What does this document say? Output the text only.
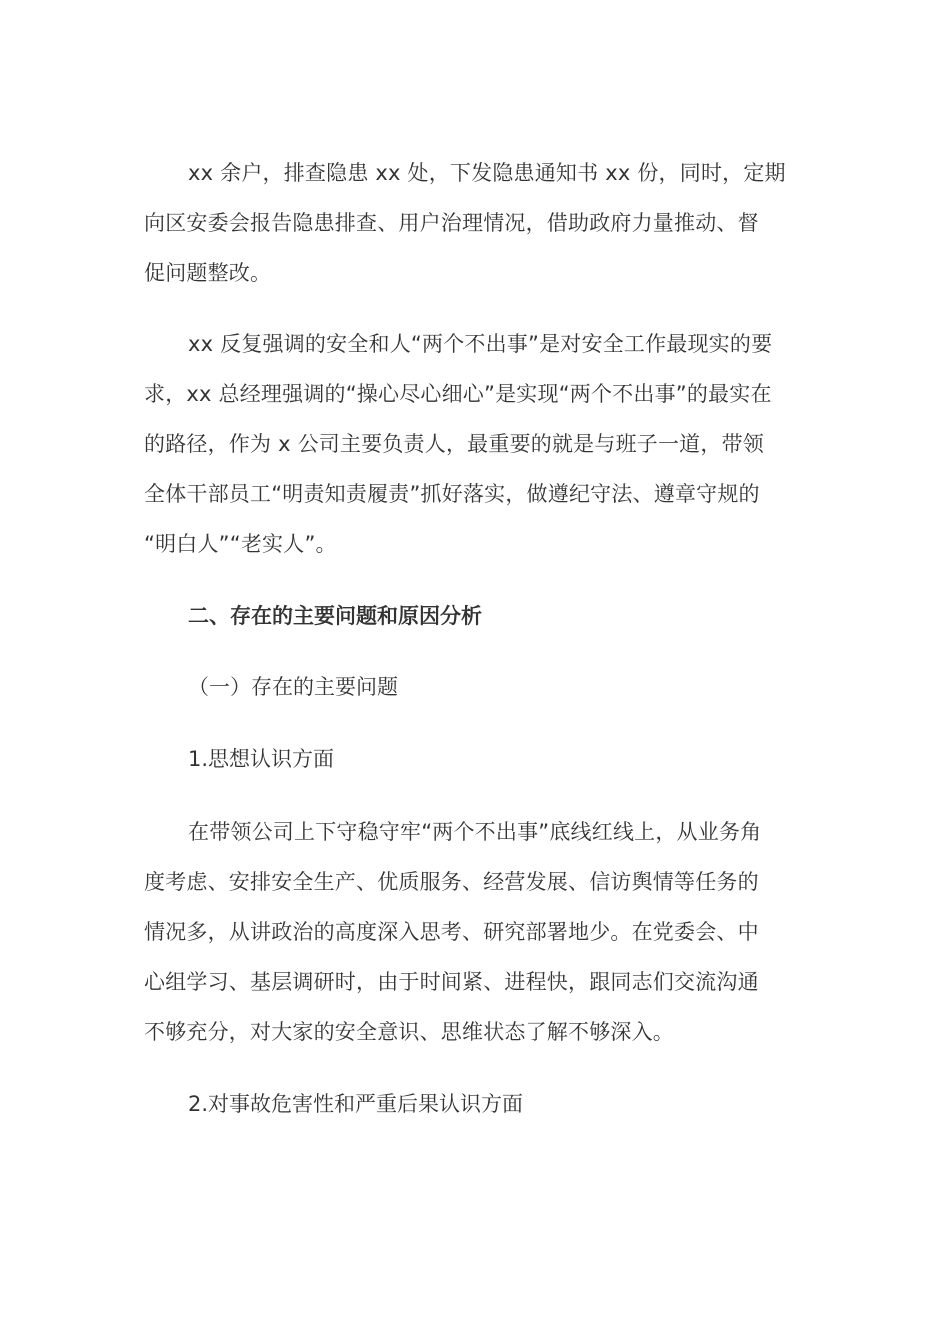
xx 余户，排查隐患 xx 处，下发隐患通知书 xx 份，同时，定期
向区安委会报告隐患排查、用户治理情况，借助政府力量推动、督
促问题整改。
xx 反复强调的安全和人“两个不出事”是对安全工作最现实的要
求，xx 总经理强调的“操心尽心细心”是实现“两个不出事”的最实在
的路径，作为 x 公司主要负责人，最重要的就是与班子一道，带领
全体干部员工“明责知责履责”抓好落实，做遵纪守法、遵章守规的
“明白人”“老实人”。
二、存在的主要问题和原因分析
（一）存在的主要问题
1.思想认识方面
在带领公司上下守稳守牢“两个不出事”底线红线上，从业务角
度考虑、安排安全生产、优质服务、经营发展、信访舆情等任务的
情况多，从讲政治的高度深入思考、研究部署地少。在党委会、中
心组学习、基层调研时，由于时间紧、进程快，跟同志们交流沟通
不够充分，对大家的安全意识、思维状态了解不够深入。
2.对事故危害性和严重后果认识方面
